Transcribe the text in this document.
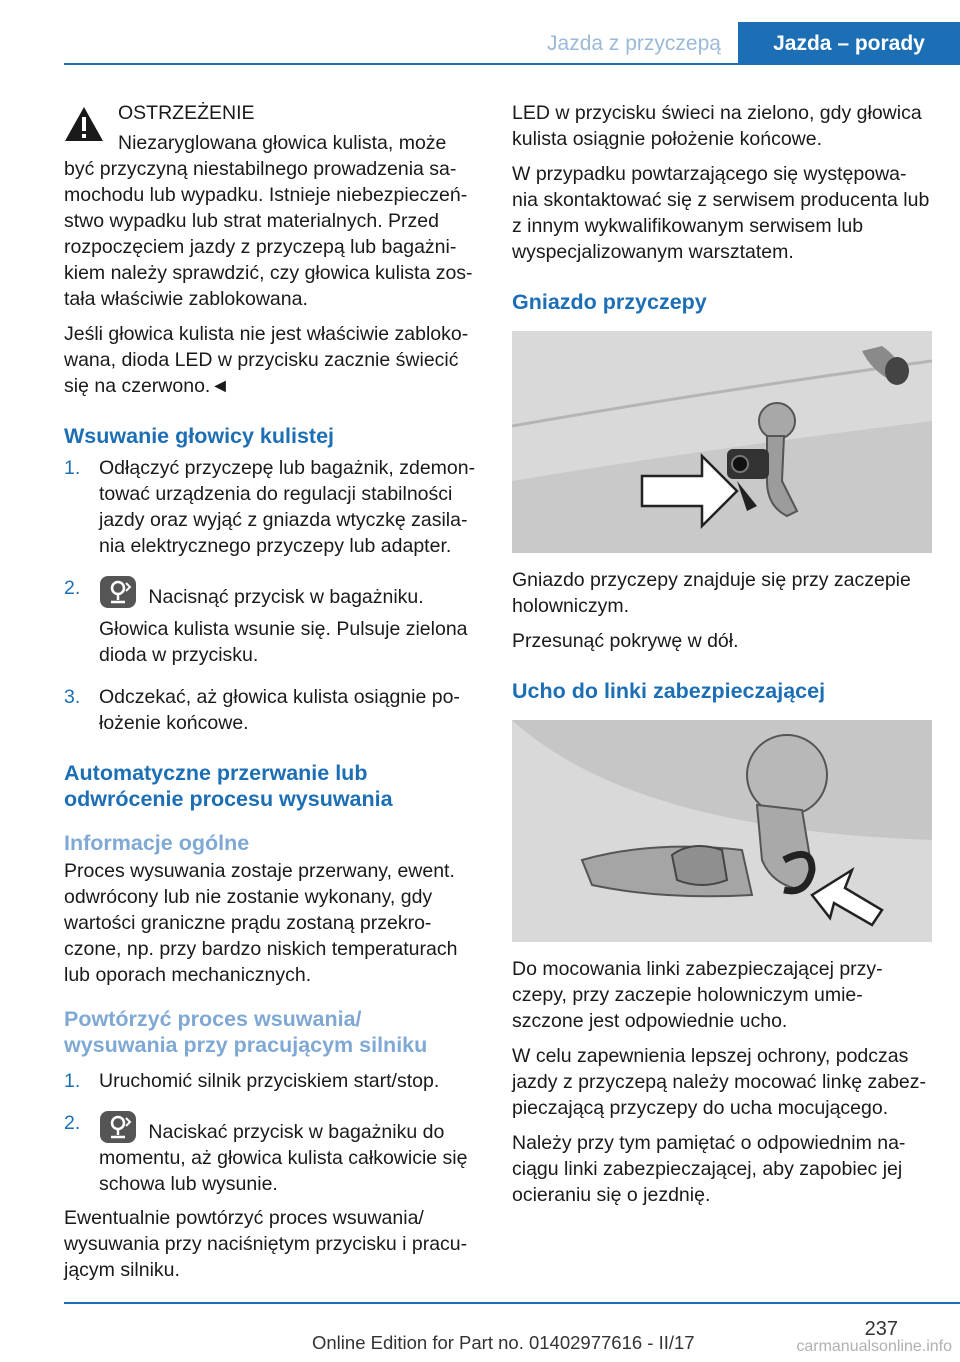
Jazda z przyczepą	Jazda – porady

OSTRZEŻENIE

Niezaryglowana głowica kulista, może

być przyczyną niestabilnego prowadzenia sa-mochodu lub wypadku. Istnieje niebezpieczeń-stwo wypadku lub strat materialnych. Przed rozpoczęciem jazdy z przyczepą lub bagażni-kiem należy sprawdzić, czy głowica kulista zos-tała właściwie zablokowana.

Jeśli głowica kulista nie jest właściwie zabloko-wana, dioda LED w przycisku zacznie świecić się na czerwono.◄

Wsuwanie głowicy kulistej
1. Odłączyć przyczepę lub bagażnik, zdemon-tować urządzenia do regulacji stabilności jazdy oraz wyjąć z gniazda wtyczkę zasila-nia elektrycznego przyczepy lub adapter.
2.	Nacisnąć przycisk w bagażniku.

Głowica kulista wsunie się. Pulsuje zielona dioda w przycisku.

3. Odczekać, aż głowica kulista osiągnie po-łożenie końcowe.
Automatyczne przerwanie lub odwrócenie procesu wysuwania
Informacje ogólne

Proces wysuwania zostaje przerwany, ewent. odwrócony lub nie zostanie wykonany, gdy wartości graniczne prądu zostaną przekro-czone, np. przy bardzo niskich temperaturach lub oporach mechanicznych.

Powtórzyć proces wsuwania/ wysuwania przy pracującym silniku
1. Uruchomić silnik przyciskiem start/stop.
2.	Naciskać przycisk w bagażniku do momentu, aż głowica kulista całkowicie się schowa lub wysunie.

Ewentualnie powtórzyć proces wsuwania/ wysuwania przy naciśniętym przycisku i pracu-jącym silniku.

LED w przycisku świeci na zielono, gdy głowica kulista osiągnie położenie końcowe.

W przypadku powtarzającego się występowa-nia skontaktować się z serwisem producenta lub z innym wykwalifikowanym serwisem lub wyspecjalizowanym warsztatem.

Gniazdo przyczepy

Gniazdo przyczepy znajduje się przy zaczepie holowniczym.

Przesunąć pokrywę w dół.

Ucho do linki zabezpieczającej

Do mocowania linki zabezpieczającej przy-czepy, przy zaczepie holowniczym umie-szczone jest odpowiednie ucho.

W celu zapewnienia lepszej ochrony, podczas jazdy z przyczepą należy mocować linkę zabez-pieczającą przyczepy do ucha mocującego.

Należy przy tym pamiętać o odpowiednim na-ciągu linki zabezpieczającej, aby zapobiec jej ocieraniu się o jezdnię.

237
Online Edition for Part no. 01402977616 - II/17	carmanualsonline.info
